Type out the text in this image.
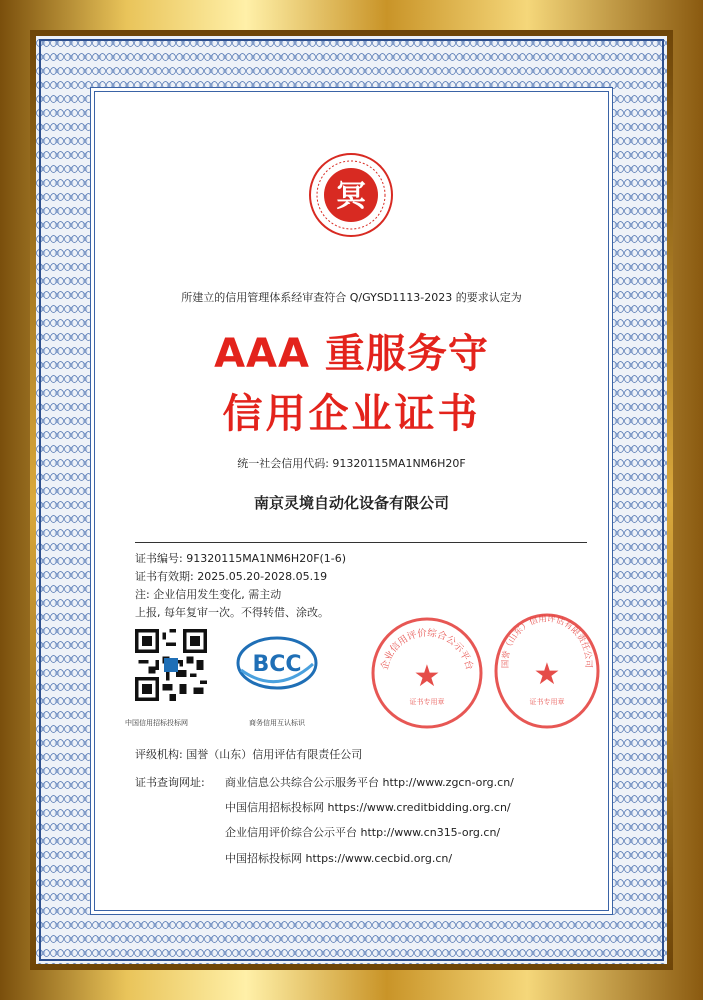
冥
所建立的信用管理体系经审查符合 Q/GYSD1113-2023 的要求认定为
AAA 重服务守
信用企业证书
统一社会信用代码: 91320115MA1NM6H20F
南京灵境自动化设备有限公司
证书编号: 91320115MA1NM6H20F(1-6)
证书有效期: 2025.05.20-2028.05.19
注: 企业信用发生变化, 需主动
上报, 每年复审一次。不得转借、涂改。
中国信用招标投标网
BCC
商务信用互认标识
企业信用评价综合公示平台
★
证书专用章
国誉（山东）信用评估有限责任公司
★
证书专用章
评级机构: 国誉（山东）信用评估有限责任公司
证书查询网址: 商业信息公共综合公示服务平台 http://www.zgcn-org.cn/
中国信用招标投标网 https://www.creditbidding.org.cn/
企业信用评价综合公示平台 http://www.cn315-org.cn/
中国招标投标网 https://www.cecbid.org.cn/
